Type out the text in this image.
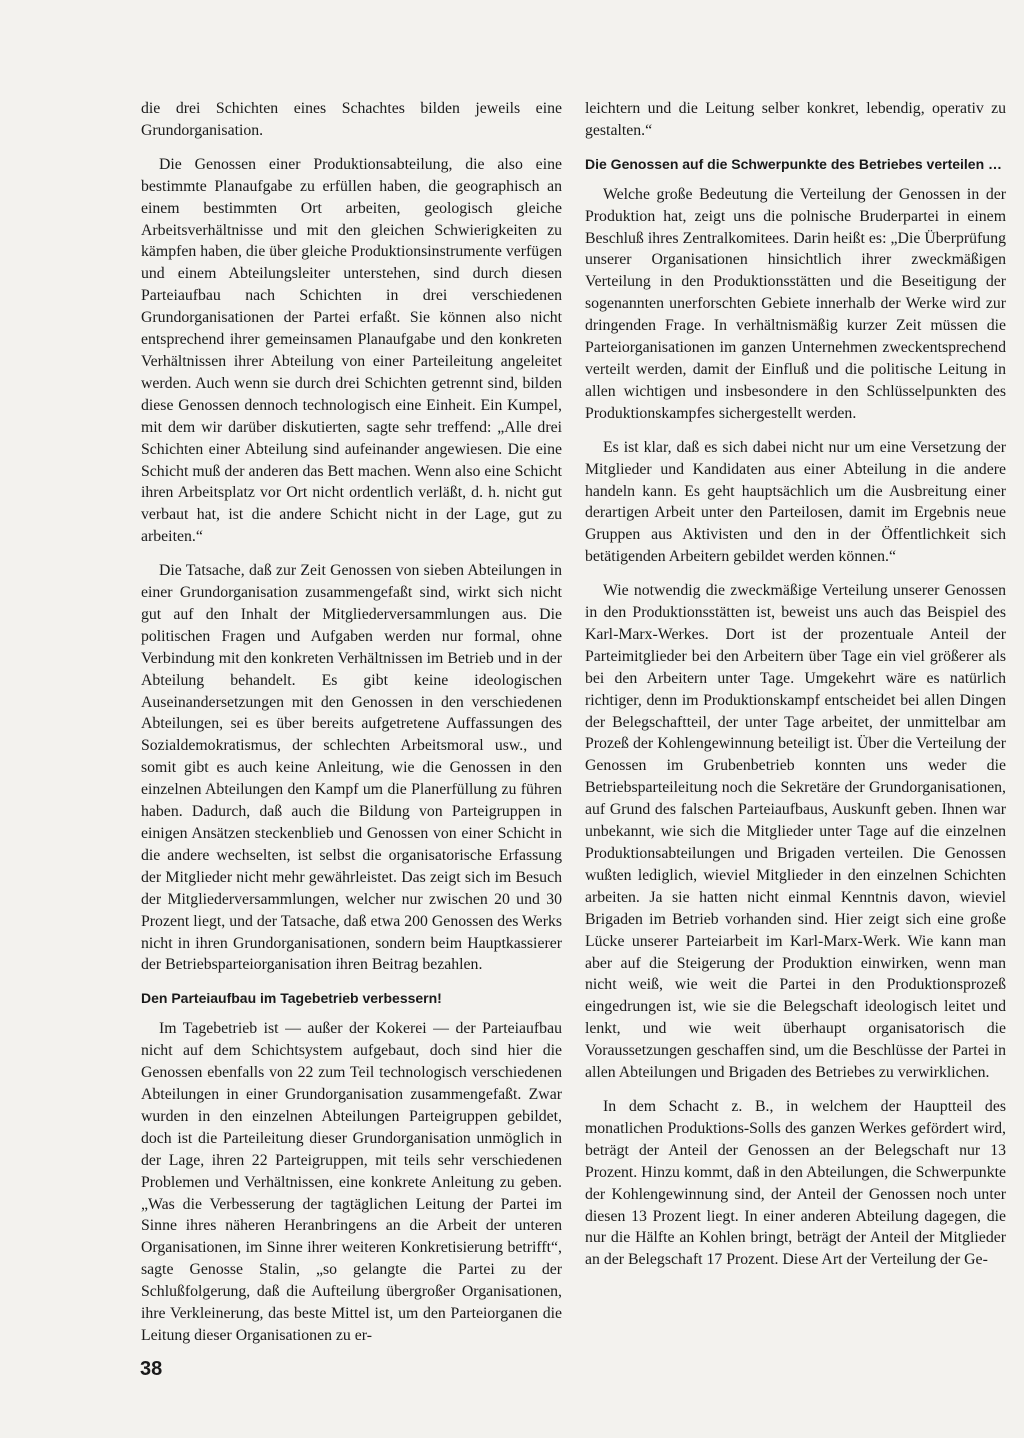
die drei Schichten eines Schachtes bilden jeweils eine Grundorganisation.

Die Genossen einer Produktionsabteilung, die also eine bestimmte Planaufgabe zu erfüllen haben, die geographisch an einem bestimmten Ort arbeiten, geologisch gleiche Arbeitsverhältnisse und mit den gleichen Schwierigkeiten zu kämpfen haben, die über gleiche Produktionsinstrumente verfügen und einem Abteilungsleiter unterstehen, sind durch diesen Parteiaufbau nach Schichten in drei verschiedenen Grundorganisationen der Partei erfaßt. Sie können also nicht entsprechend ihrer gemeinsamen Planaufgabe und den konkreten Verhältnissen ihrer Abteilung von einer Parteileitung angeleitet werden. Auch wenn sie durch drei Schichten getrennt sind, bilden diese Genossen dennoch technologisch eine Einheit. Ein Kumpel, mit dem wir darüber diskutierten, sagte sehr treffend: „Alle drei Schichten einer Abteilung sind aufeinander angewiesen. Die eine Schicht muß der anderen das Bett machen. Wenn also eine Schicht ihren Arbeitsplatz vor Ort nicht ordentlich verläßt, d. h. nicht gut verbaut hat, ist die andere Schicht nicht in der Lage, gut zu arbeiten.“

Die Tatsache, daß zur Zeit Genossen von sieben Abteilungen in einer Grundorganisation zusammengefaßt sind, wirkt sich nicht gut auf den Inhalt der Mitgliederversammlungen aus. Die politischen Fragen und Aufgaben werden nur formal, ohne Verbindung mit den konkreten Verhältnissen im Betrieb und in der Abteilung behandelt. Es gibt keine ideologischen Auseinandersetzungen mit den Genossen in den verschiedenen Abteilungen, sei es über bereits aufgetretene Auffassungen des Sozialdemokratismus, der schlechten Arbeitsmoral usw., und somit gibt es auch keine Anleitung, wie die Genossen in den einzelnen Abteilungen den Kampf um die Planerfüllung zu führen haben. Dadurch, daß auch die Bildung von Parteigruppen in einigen Ansätzen steckenblieb und Genossen von einer Schicht in die andere wechselten, ist selbst die organisatorische Erfassung der Mitglieder nicht mehr gewährleistet. Das zeigt sich im Besuch der Mitgliederversammlungen, welcher nur zwischen 20 und 30 Prozent liegt, und der Tatsache, daß etwa 200 Genossen des Werks nicht in ihren Grundorganisationen, sondern beim Hauptkassierer der Betriebsparteiorganisation ihren Beitrag bezahlen.

Den Parteiaufbau im Tagebetrieb verbessern!

Im Tagebetrieb ist — außer der Kokerei — der Parteiaufbau nicht auf dem Schichtsystem aufgebaut, doch sind hier die Genossen ebenfalls von 22 zum Teil technologisch verschiedenen Abteilungen in einer Grundorganisation zusammengefaßt. Zwar wurden in den einzelnen Abteilungen Parteigruppen gebildet, doch ist die Parteileitung dieser Grundorganisation unmöglich in der Lage, ihren 22 Parteigruppen, mit teils sehr verschiedenen Problemen und Verhältnissen, eine konkrete Anleitung zu geben. „Was die Verbesserung der tagtäglichen Leitung der Partei im Sinne ihres näheren Heranbringens an die Arbeit der unteren Organisationen, im Sinne ihrer weiteren Konkretisierung betrifft“, sagte Genosse Stalin, „so gelangte die Partei zu der Schlußfolgerung, daß die Aufteilung übergroßer Organisationen, ihre Verkleinerung, das beste Mittel ist, um den Parteiorganen die Leitung dieser Organisationen zu er-

leichtern und die Leitung selber konkret, lebendig, operativ zu gestalten.“

Die Genossen auf die Schwerpunkte des Betriebes verteilen …

Welche große Bedeutung die Verteilung der Genossen in der Produktion hat, zeigt uns die polnische Bruderpartei in einem Beschluß ihres Zentralkomitees. Darin heißt es: „Die Überprüfung unserer Organisationen hinsichtlich ihrer zweckmäßigen Verteilung in den Produktionsstätten und die Beseitigung der sogenannten unerforschten Gebiete innerhalb der Werke wird zur dringenden Frage. In verhältnismäßig kurzer Zeit müssen die Parteiorganisationen im ganzen Unternehmen zweckentsprechend verteilt werden, damit der Einfluß und die politische Leitung in allen wichtigen und insbesondere in den Schlüsselpunkten des Produktionskampfes sichergestellt werden.

Es ist klar, daß es sich dabei nicht nur um eine Versetzung der Mitglieder und Kandidaten aus einer Abteilung in die andere handeln kann. Es geht hauptsächlich um die Ausbreitung einer derartigen Arbeit unter den Parteilosen, damit im Ergebnis neue Gruppen aus Aktivisten und den in der Öffentlichkeit sich betätigenden Arbeitern gebildet werden können.“

Wie notwendig die zweckmäßige Verteilung unserer Genossen in den Produktionsstätten ist, beweist uns auch das Beispiel des Karl-Marx-Werkes. Dort ist der prozentuale Anteil der Parteimitglieder bei den Arbeitern über Tage ein viel größerer als bei den Arbeitern unter Tage. Umgekehrt wäre es natürlich richtiger, denn im Produktionskampf entscheidet bei allen Dingen der Belegschaftteil, der unter Tage arbeitet, der unmittelbar am Prozeß der Kohlengewinnung beteiligt ist. Über die Verteilung der Genossen im Grubenbetrieb konnten uns weder die Betriebsparteileitung noch die Sekretäre der Grundorganisationen, auf Grund des falschen Parteiaufbaus, Auskunft geben. Ihnen war unbekannt, wie sich die Mitglieder unter Tage auf die einzelnen Produktionsabteilungen und Brigaden verteilen. Die Genossen wußten lediglich, wieviel Mitglieder in den einzelnen Schichten arbeiten. Ja sie hatten nicht einmal Kenntnis davon, wieviel Brigaden im Betrieb vorhanden sind. Hier zeigt sich eine große Lücke unserer Parteiarbeit im Karl-Marx-Werk. Wie kann man aber auf die Steigerung der Produktion einwirken, wenn man nicht weiß, wie weit die Partei in den Produktionsprozeß eingedrungen ist, wie sie die Belegschaft ideologisch leitet und lenkt, und wie weit überhaupt organisatorisch die Voraussetzungen geschaffen sind, um die Beschlüsse der Partei in allen Abteilungen und Brigaden des Betriebes zu verwirklichen.

In dem Schacht z. B., in welchem der Hauptteil des monatlichen Produktions-Solls des ganzen Werkes gefördert wird, beträgt der Anteil der Genossen an der Belegschaft nur 13 Prozent. Hinzu kommt, daß in den Abteilungen, die Schwerpunkte der Kohlengewinnung sind, der Anteil der Genossen noch unter diesen 13 Prozent liegt. In einer anderen Abteilung dagegen, die nur die Hälfte an Kohlen bringt, beträgt der Anteil der Mitglieder an der Belegschaft 17 Prozent. Diese Art der Verteilung der Ge-

38
